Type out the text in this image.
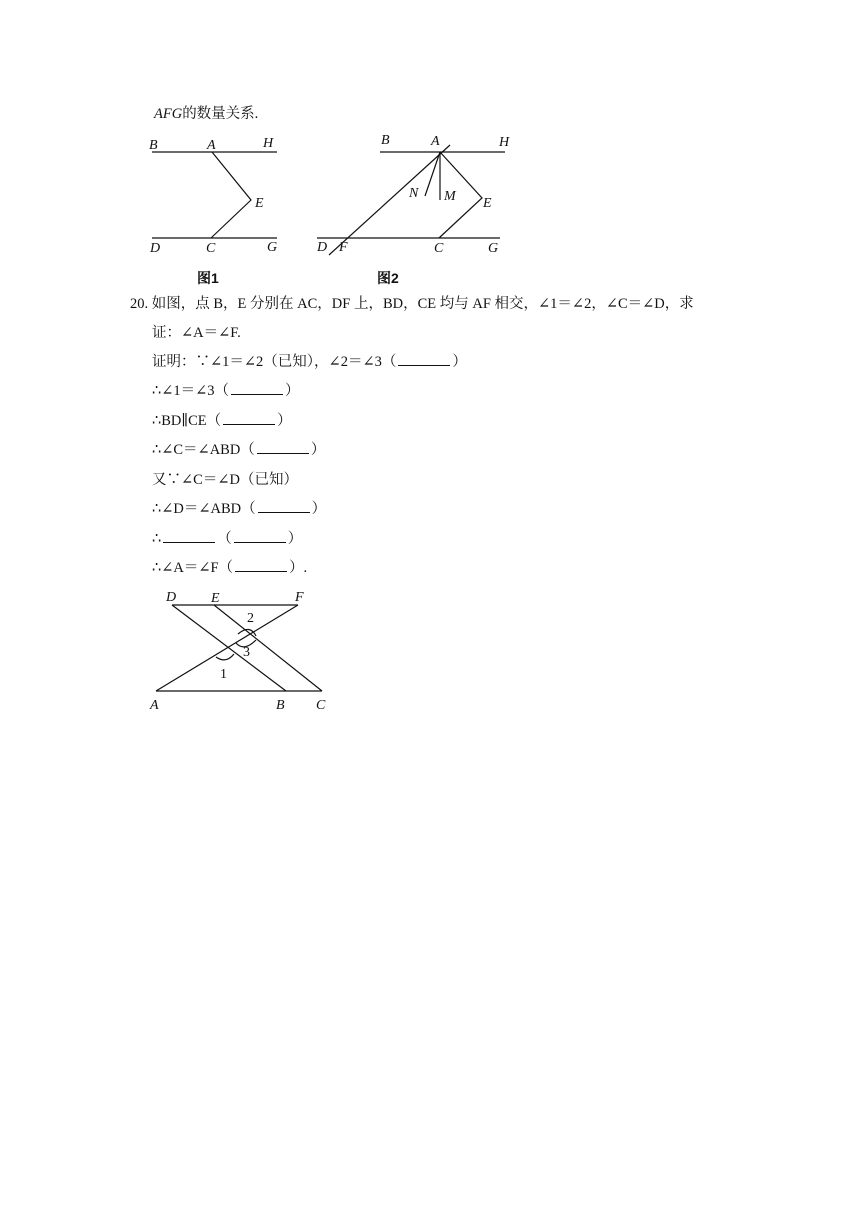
AFG的数量关系.
B	A	H
E
D	C	G
图1
B	A	H
N M E
D F	C	G
图2
D E	F
2
3
1
A	B C
20. 如图，点 B，E 分别在 AC，DF 上，BD，CE 均与 AF 相交，∠1＝∠2，∠C＝∠D，求
证：∠A＝∠F.
证明：∵∠1＝∠2（已知），∠2＝∠3（	）
∴∠1＝∠3（	）
∴BD∥CE（	）
∴∠C＝∠ABD（	）
又∵∠C＝∠D（已知）
∴∠D＝∠ABD（	）
∴	（	）
∴∠A＝∠F（	）.
